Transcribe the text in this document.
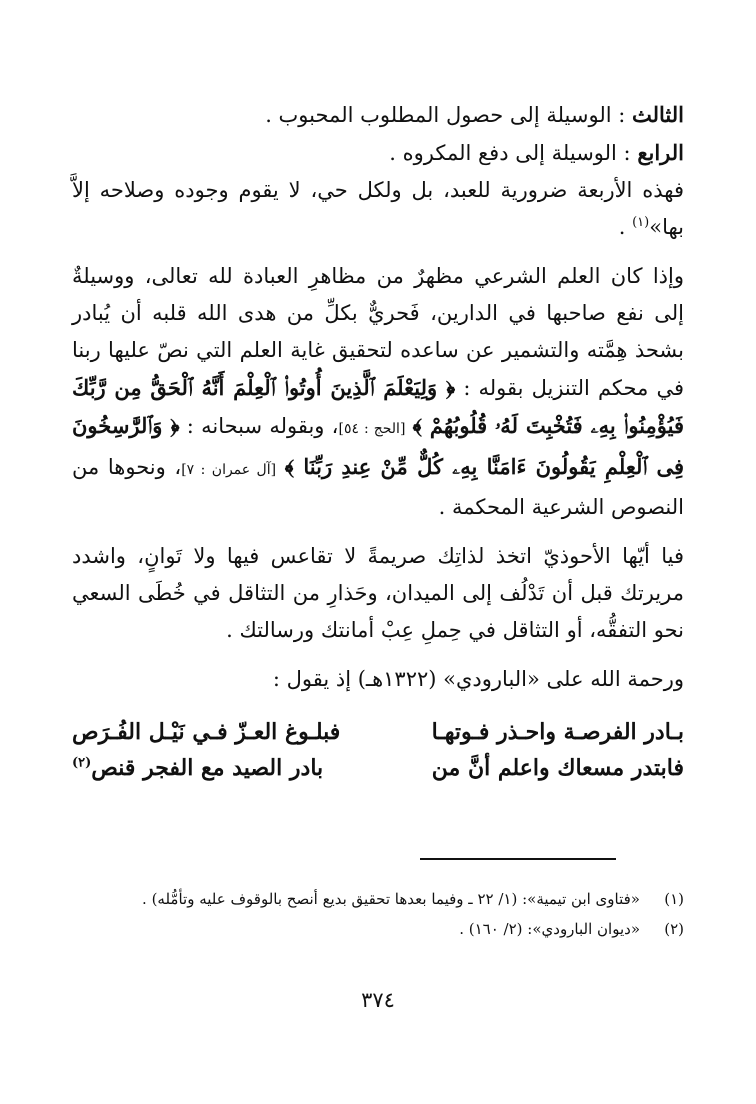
الثالث : الوسيلة إلى حصول المطلوب المحبوب .

الرابع : الوسيلة إلى دفع المكروه .

فهذه الأربعة ضرورية للعبد، بل ولكل حي، لا يقوم وجوده وصلاحه إلاَّ بها»$^{(١)}$ .

وإذا كان العلم الشرعي مظهرٌ من مظاهرِ العبادة لله تعالى، ووسيلةٌ إلى نفع صاحبها في الدارين، فَحريٌّ بكلِّ من هدى الله قلبه أن يُبادر بشحذ هِمَّته والتشمير عن ساعده لتحقيق غاية العلم التي نصّ عليها ربنا في محكم التنزيل بقوله : ﴿ وَلِيَعْلَمَ ٱلَّذِينَ أُوتُوا۟ ٱلْعِلْمَ أَنَّهُ ٱلْحَقُّ مِن رَّبِّكَ فَيُؤْمِنُوا۟ بِهِۦ فَتُخْبِتَ لَهُۥ قُلُوبُهُمْ ﴾ [الحج : ٥٤]، وبقوله سبحانه : ﴿ وَٱلرَّٰسِخُونَ فِى ٱلْعِلْمِ يَقُولُونَ ءَامَنَّا بِهِۦ كُلٌّ مِّنْ عِندِ رَبِّنَا ﴾ [آل عمران : ٧]، ونحوها من النصوص الشرعية المحكمة .

فيا أيّها الأحوذيّ اتخذ لذاتِك صريمةً لا تقاعس فيها ولا تَوانٍ، واشدد مريرتك قبل أن تَدْلُف إلى الميدان، وحَذارِ من التثاقل في خُطَى السعي نحو التفقُّه، أو التثاقل في حِملِ عِبْ أمانتك ورسالتك .

ورحمة الله على «البارودي» (١٣٢٢هـ) إذ يقول :

بـادر الفرصـة واحـذر فـوتهـا
فبلـوغ العـزّ فـي نَيْـل الفُـرَص
فابتدر مسعاك واعلم أنَّ من
بادر الصيد مع الفجر قنص$^{(٢)}$
(١)
«فتاوى ابن تيمية»: (١/ ٢٢ ـ وفيما بعدها تحقيق بديع أنصح بالوقوف عليه وتأمُّله) .
(٢)
«ديوان البارودي»: (٢/ ١٦٠) .
٣٧٤
